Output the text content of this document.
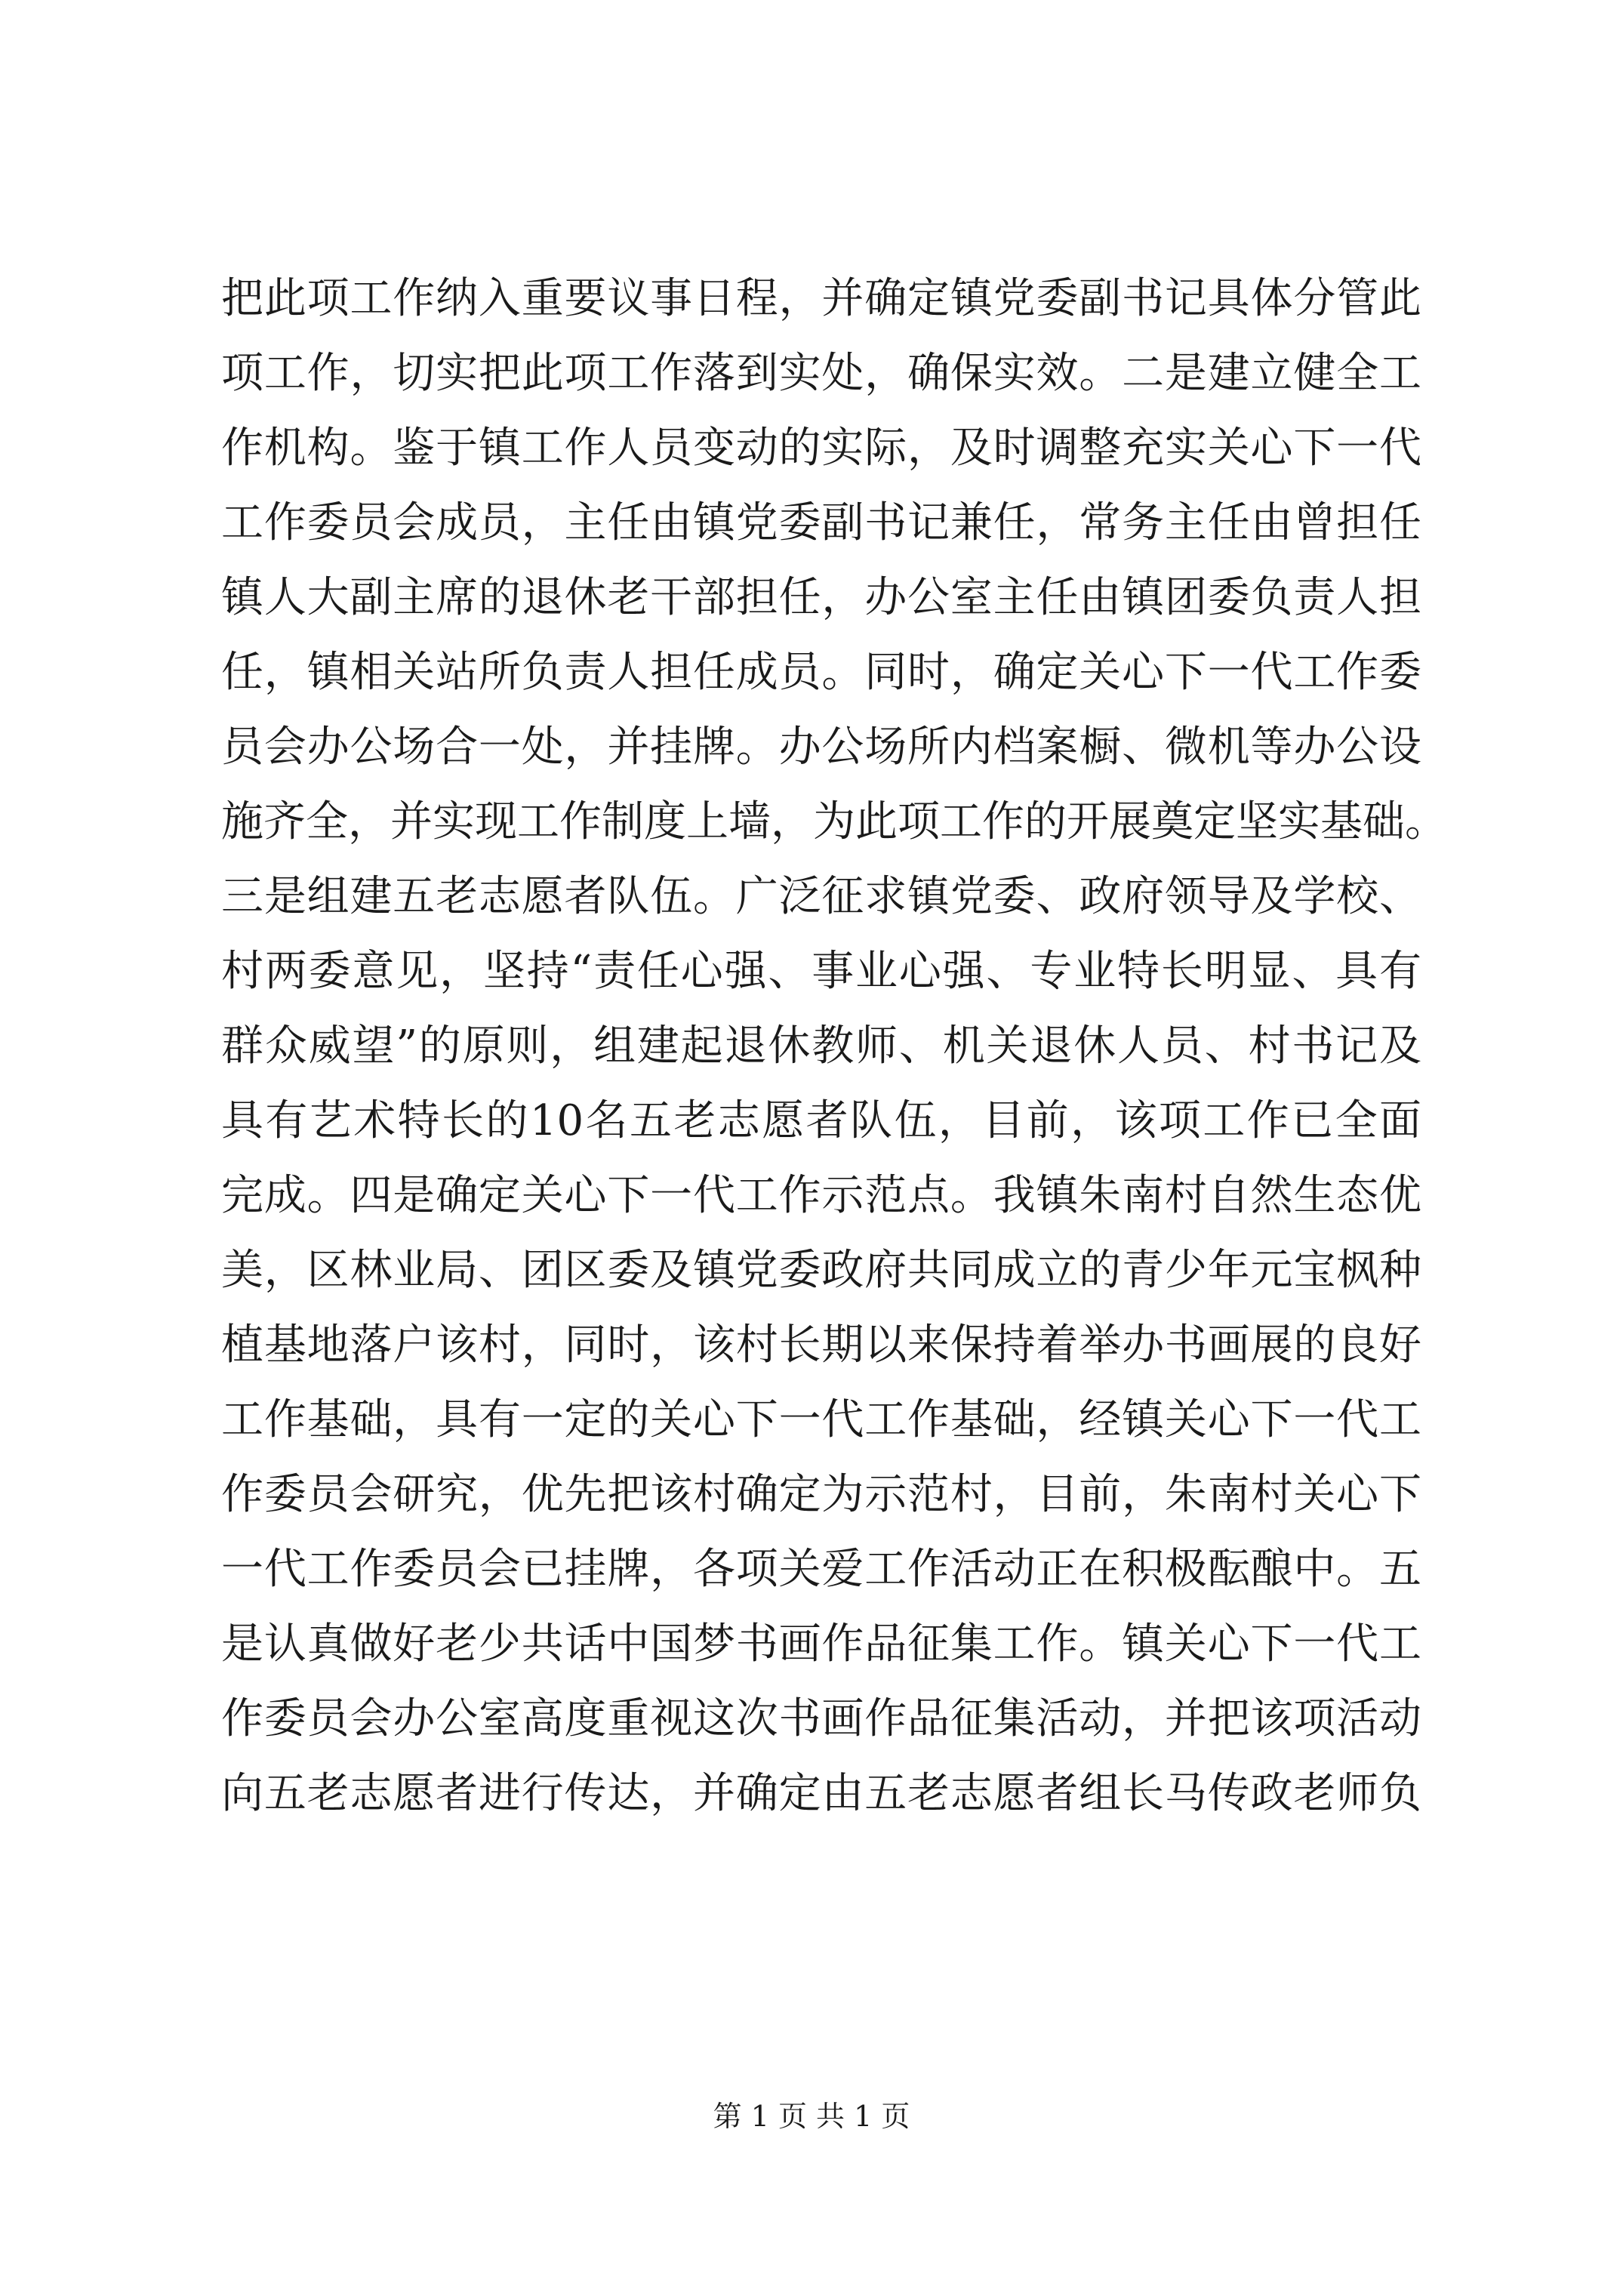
把此项工作纳入重要议事日程，并确定镇党委副书记具体分管此
项工作，切实把此项工作落到实处，确保实效。二是建立健全工
作机构。鉴于镇工作人员变动的实际，及时调整充实关心下一代
工作委员会成员，主任由镇党委副书记兼任，常务主任由曾担任
镇人大副主席的退休老干部担任，办公室主任由镇团委负责人担
任，镇相关站所负责人担任成员。同时，确定关心下一代工作委
员会办公场合一处，并挂牌。办公场所内档案橱、微机等办公设
施齐全，并实现工作制度上墙，为此项工作的开展奠定坚实基础。
三是组建五老志愿者队伍。广泛征求镇党委、政府领导及学校、
村两委意见，坚持“责任心强、事业心强、专业特长明显、具有
群众威望”的原则，组建起退休教师、机关退休人员、村书记及
具有艺术特长的10名五老志愿者队伍，目前，该项工作已全面
完成。四是确定关心下一代工作示范点。我镇朱南村自然生态优
美，区林业局、团区委及镇党委政府共同成立的青少年元宝枫种
植基地落户该村，同时，该村长期以来保持着举办书画展的良好
工作基础，具有一定的关心下一代工作基础，经镇关心下一代工
作委员会研究，优先把该村确定为示范村，目前，朱南村关心下
一代工作委员会已挂牌，各项关爱工作活动正在积极酝酿中。五
是认真做好老少共话中国梦书画作品征集工作。镇关心下一代工
作委员会办公室高度重视这次书画作品征集活动，并把该项活动
向五老志愿者进行传达，并确定由五老志愿者组长马传政老师负
第 1 页 共 1 页
